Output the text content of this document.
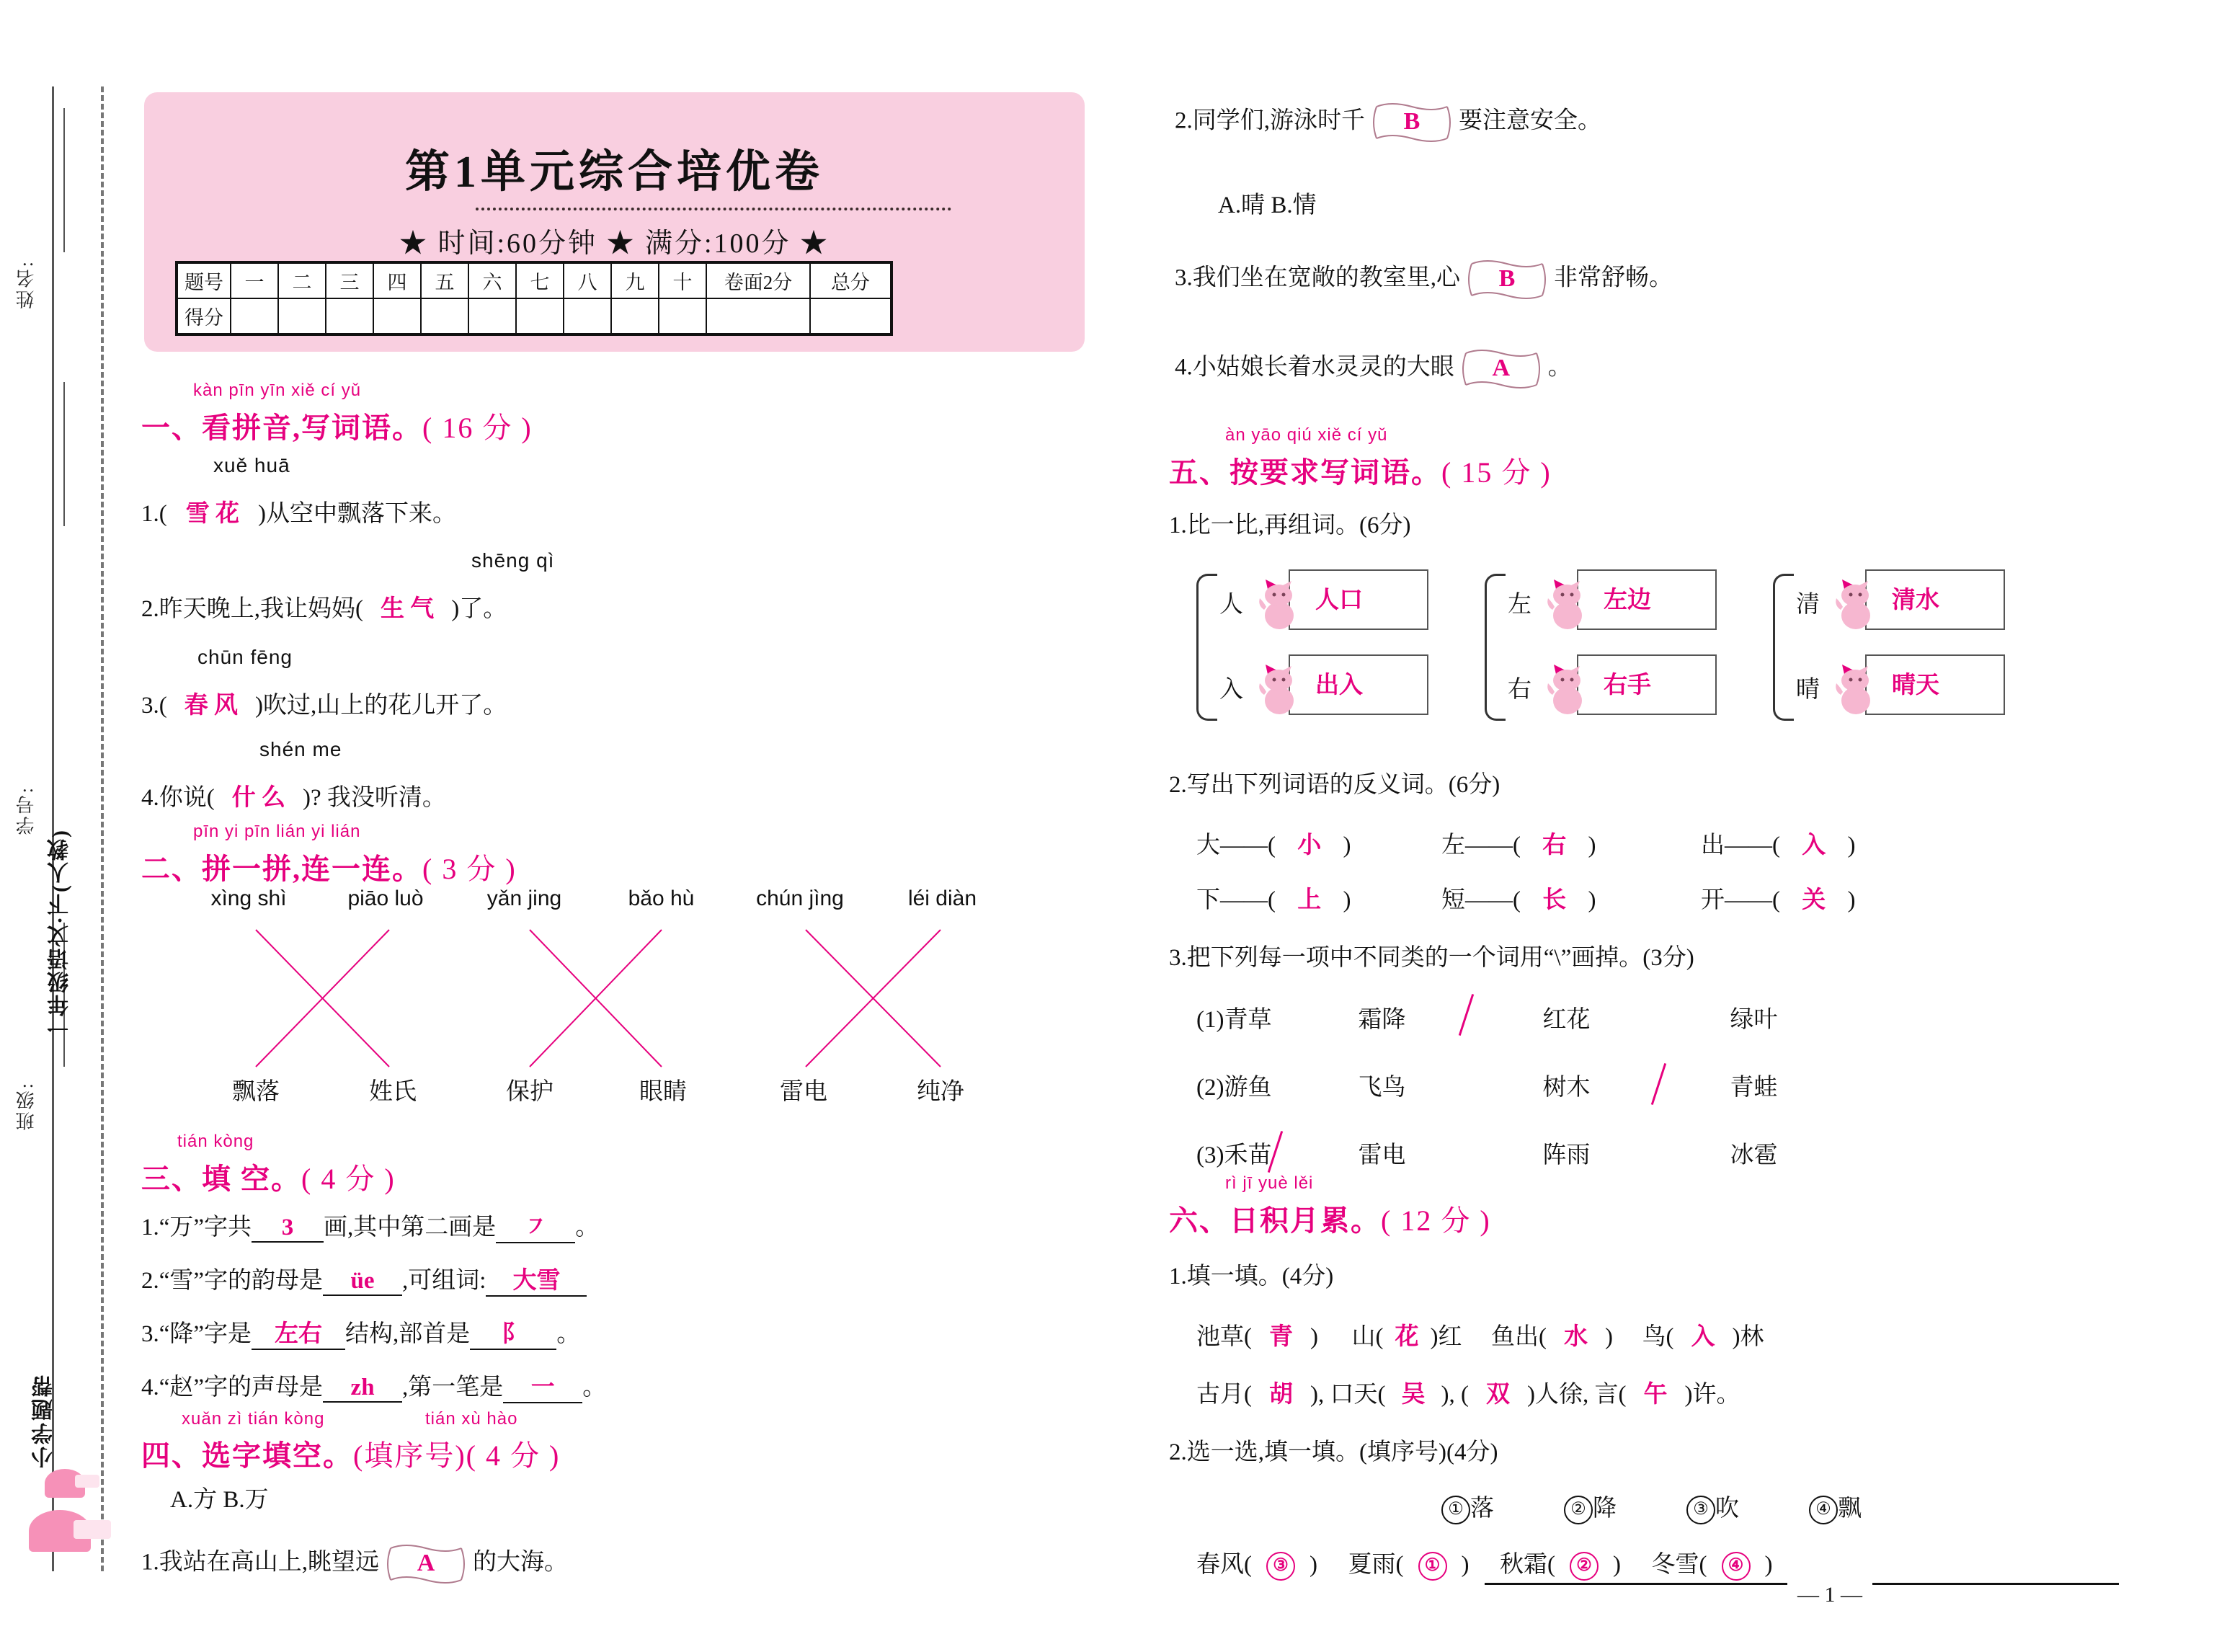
姓名:
学号:
班级:
一年级语文·下(人教)
小学题帮
第1单元综合培优卷
★ 时间:60分钟 ★ 满分:100分 ★
题号	一	二	三	四	五	六	七	八	九	十	卷面2分	总分
得分												
kàn pīn yīn xiě cí yǔ
一、看拼音,写词语。( 16 分 )
xuě huā
1.( 雪 花 )从空中飘落下来。
shēng qì
2.昨天晚上,我让妈妈( 生 气 )了。
chūn fēng
3.( 春 风 )吹过,山上的花儿开了。
shén me
4.你说( 什 么 )? 我没听清。
pīn yi pīn lián yi lián
二、拼一拼,连一连。( 3 分 )
xìng shì	piāo luò	yǎn jing	bǎo hù	chún jìng	léi diàn
飘落	姓氏	保护	眼睛	雷电	纯净
tián kòng
三、填 空。( 4 分 )
1.“万”字共 3 画,其中第二画是 ㇇ 。
2.“雪”字的韵母是 üe ,可组词: 大雪
3.“降”字是 左右 结构,部首是 阝 。
4.“赵”字的声母是 zh ,第一笔是 一 。
xuǎn zì tián kòng	tián xù hào
四、选字填空。(填序号)( 4 分 )
A.方 B.万
1.我站在高山上,眺望远	A	的大海。
2.同学们,游泳时千	B	要注意安全。
A.晴 B.情
3.我们坐在宽敞的教室里,心	B	非常舒畅。
4.小姑娘长着水灵灵的大眼	A	。
àn yāo qiú xiě cí yǔ
五、按要求写词语。( 15 分 )
1.比一比,再组词。(6分)
人	人口
入	出入
左	左边
右	右手
清	清水
晴	晴天
2.写出下列词语的反义词。(6分)
大——( 小 )	左——( 右 )	出——( 入 )
下——( 上 )	短——( 长 )	开——( 关 )
3.把下列每一项中不同类的一个词用“\”画掉。(3分)
(1)青草	霜降	红花	绿叶
(2)游鱼	飞鸟	树木	青蛙
(3)禾苗	雷电	阵雨	冰雹
rì jī yuè lěi
六、日积月累。( 12 分 )
1.填一填。(4分)
池草( 青 ) 山( 花 )红 鱼出( 水 ) 鸟( 入 )林
古月( 胡 ), 口天( 吴 ), ( 双 )人徐, 言( 午 )许。
2.选一选,填一填。(填序号)(4分)
① 落	② 降	③ 吹	④ 飘
春风( ③ ) 夏雨( ① ) 秋霜( ② ) 冬雪( ④ )
— 1 —
